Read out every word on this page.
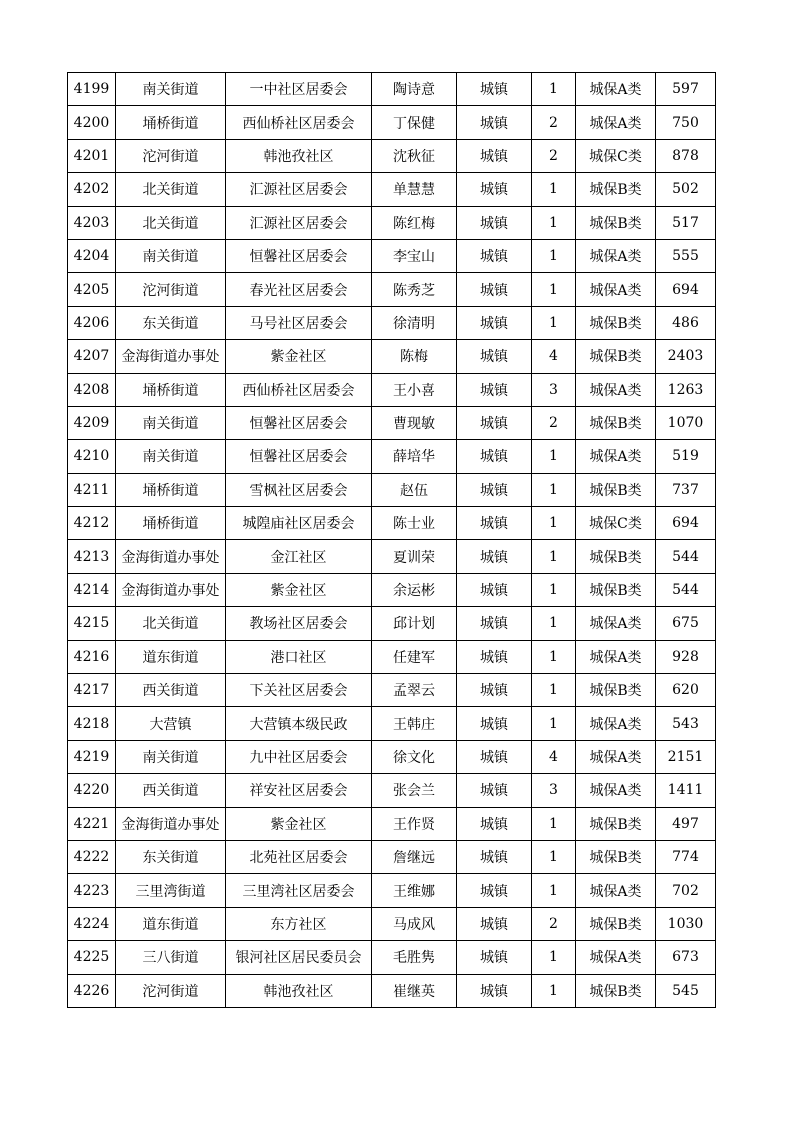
4199	南关街道	一中社区居委会	陶诗意	城镇	1	城保A类	597
4200	埇桥街道	西仙桥社区居委会	丁保健	城镇	2	城保A类	750
4201	沱河街道	韩池孜社区	沈秋征	城镇	2	城保C类	878
4202	北关街道	汇源社区居委会	单慧慧	城镇	1	城保B类	502
4203	北关街道	汇源社区居委会	陈红梅	城镇	1	城保B类	517
4204	南关街道	恒馨社区居委会	李宝山	城镇	1	城保A类	555
4205	沱河街道	春光社区居委会	陈秀芝	城镇	1	城保A类	694
4206	东关街道	马号社区居委会	徐清明	城镇	1	城保B类	486
4207	金海街道办事处	紫金社区	陈梅	城镇	4	城保B类	2403
4208	埇桥街道	西仙桥社区居委会	王小喜	城镇	3	城保A类	1263
4209	南关街道	恒馨社区居委会	曹现敏	城镇	2	城保B类	1070
4210	南关街道	恒馨社区居委会	薛培华	城镇	1	城保A类	519
4211	埇桥街道	雪枫社区居委会	赵伍	城镇	1	城保B类	737
4212	埇桥街道	城隍庙社区居委会	陈士业	城镇	1	城保C类	694
4213	金海街道办事处	金江社区	夏训荣	城镇	1	城保B类	544
4214	金海街道办事处	紫金社区	余运彬	城镇	1	城保B类	544
4215	北关街道	教场社区居委会	邱计划	城镇	1	城保A类	675
4216	道东街道	港口社区	任建军	城镇	1	城保A类	928
4217	西关街道	下关社区居委会	孟翠云	城镇	1	城保B类	620
4218	大营镇	大营镇本级民政	王韩庄	城镇	1	城保A类	543
4219	南关街道	九中社区居委会	徐文化	城镇	4	城保A类	2151
4220	西关街道	祥安社区居委会	张会兰	城镇	3	城保A类	1411
4221	金海街道办事处	紫金社区	王作贤	城镇	1	城保B类	497
4222	东关街道	北苑社区居委会	詹继远	城镇	1	城保B类	774
4223	三里湾街道	三里湾社区居委会	王维娜	城镇	1	城保A类	702
4224	道东街道	东方社区	马成风	城镇	2	城保B类	1030
4225	三八街道	银河社区居民委员会	毛胜隽	城镇	1	城保A类	673
4226	沱河街道	韩池孜社区	崔继英	城镇	1	城保B类	545
